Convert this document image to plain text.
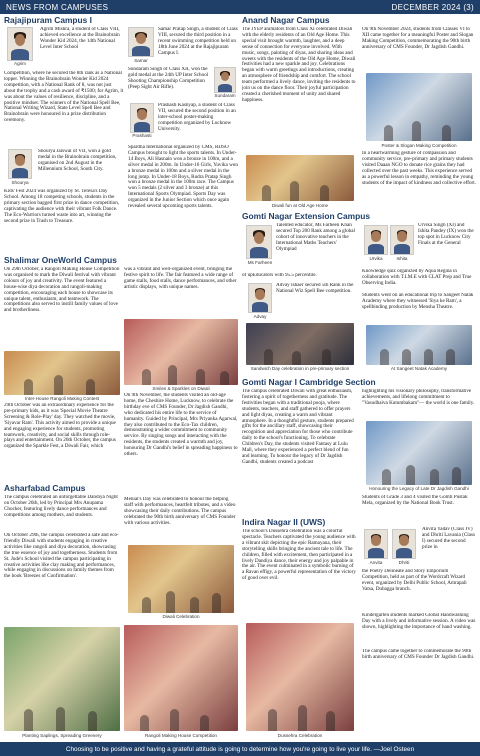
NEWS FROM CAMPUSES	DECEMBER 2024 (3)
Rajajipuram Campus I
Agrim
Agrim Mishra, a student of Class VIII, achieved excellence at the Brainobrain Wonder Kid 2024, the 14th National Level Inter School
Competition, where he secured the 8th rank as a National topper. Winning the Brainobrain Wonder Kid 2024 competition, with a National Rank of 8, was not just about the trophy and a cash award of ₹1500; for Agrim, it was about the values of resilience, discipline, and a positive mindset. The winners of the National Spell Bee, National Writing Wizard, State Level Spell Bee and Brainobrain were honoured in a prize distribution ceremony.
Shourya
Shourya Jaiswal of VII, won a gold medal in the Brainobrain competition, organised on 2nd August in the Millennium School, South City.
Kids' Fest 2024 was organized by St. Teresa's Day School. Among 18 competing schools, students in the primary section bagged first prize in dance competition, captivating the audience with their vibrant Folk Dance. The Eco-Warriors turned waste into art, winning the second prize in Trash to Treasure.
Samar
Samar Pratap Singh, a student of Class VIII, secured the third position in a recent swimming competition held on 18th June 2024 at the Rajajipuram Campus I.
Sundaram Singh of Class XII, won the gold medal at the 24th UP Inter School Shooting Championship Competition (Peep Sight Air Rifle).
Sundaram
Prashasti
Prashasti Kashyap, a student of Class VII, secured the second position in an inter-school poster-making competition organized by Lucknow University.
Spardha International organized by CMS, RDSO Campus brought to light the sports talents. In Under-14 Boys, Ali Hasnain won a bronze in 100m, and a silver medal in 200m. In Under-16 Girls, Yuvika won a bronze medal in 100m and a silver medal in the long jump. In Under-18 Boys, Rudra Pratap Singh won a bronze medal in the 100m race. The Campus won 5 medals (2 silver and 3 bronze) at this International Sports Olympiad. Sports Day was organized in the Junior Section which once again revealed several upcoming sports talents.
Shalimar OneWorld Campus
On 29th October, a Rangoli Making House Competition was organised to mark the Diwali festival with vibrant colours of joy and creativity. The event featured a house-wise diya decoration and rangoli-making competition, encouraging each house to showcase its unique talent, enthusiasm, and teamwork. The competitions also served to instill family values of love and brotherliness.
was a vibrant and well-organized event, bringing the festive spirit to life. The fair featured a wide range of game stalls, food stalls, dance performances, and other artistic displays, with unique names.
Inter-House Rangoli Making Contest
Smiles & Sparkles on Diwali
29th October was an extraordinary experience for the pre-primary kids, as it was 'Special Movie Theatre Screening & Role-Play' day. They watched the movie, 'Siyavar Ram'. This activity aimed to provide a unique and engaging experience for students, promoting teamwork, creativity, and social skills through role-plays and entertainment. On 26th October, the campus organized the Sparkle Fest, a Diwali Fair, which
On 9th November, the students visited an old-age home, the Cheshire Home, Lucknow, to celebrate the birthday eve of CMS Founder, Dr Jagdish Gandhi, who dedicated his entire life to the service of humanity. Guided by Principal, Mrs Priyanka Agarwal, they also contributed to the Eco-Tax children, demonstrating a wider commitment to community service. By singing songs and interacting with the residents, the students created a warmth and joy, honouring Dr Gandhi's belief in spreading happiness to others.
Asharfabad Campus
The campus celebrated an unforgettable Dandiya Night on October 26th, led by Principal Mrs Anupama Chocker, featuring lively dance performances and competitions among mothers, and students.
On October 29th, the campus celebrated a safe and eco-friendly Diwali with students engaging in creative activities like rangoli and diya decoration, showcasing the true essence of joy and togetherness. Students from St. Jude's School visited the campus participating in creative activities like clay making and performances, while engaging in discussions on family themes from the book 'Breezes of Confirmation'.
Menial's Day was celebrated to honour the helping staff with performances, heartfelt tributes, and a video showcasing their daily contributions. The campus celebrated the 90th birth anniversary of CMS Founder with various activities.
Diwali Celebration
Planting Saplings, Spreading Greenery	Rangoli Making House Competition
Anand Nagar Campus
The JYEP animators from Class XI celebrated Diwali with the elderly residents of an Old Age Home. This special visit brought warmth, laughter, and a deep sense of connection for everyone involved. With music, songs, painting of diyas, and sharing ideas and sweets with the residents of the Old Age Home, Diwali festivities had a new sparkle and joy. Celebrations began with warm greetings and introductions, creating an atmosphere of friendship and comfort. The school team performed a lively dance, inviting the residents to join us on the dance floor. Their joyful participation created a cherished moment of unity and shared happiness.
On 9th November 2024, students from Classes VI to XII came together for a meaningful Poster and Slogan Making Competition, commemorating the 90th birth anniversary of CMS Founder, Dr Jagdish Gandhi.
Poster & Slogan Making Competition
Diwali fun at Old Age Home
In a heartwarming gesture of compassion and community service, pre-primary and primary students visited Daaan NGO to donate rice grains they had collected over the past weeks. This experience served as a powerful lesson in empathy, reminding the young students of the impact of kindness and collective effort.
Gomti Nagar Extension Campus
Ms Farheen
Talented educator, Ms Farheen Khan secured Top 200 Rank among a global cohort of innovative teachers in the International Maths Teachers' Olympiad
of upEducators with 95.5 percentile.
Advay
Advay Ishaer secured 5th Rank in the National Wiz Spell Bee competition.
Urvika	Ishita
Urvika Singh (XI) and Ishita Pandey (IX) won the top spot in Lucknow City Finals at the General
Knowledge quiz organized by Aqua Regina in collaboration with T.I.M.E with CLAT Prep and True Observing India.
Students went on an educational trip to Sangeet Natak Academy where they witnessed 'Siya ke Ram', a spellbinding production by Mensha Theatre.
Sandwich Day celebration in pre-primary section	At Sangeet Natak Academy
Gomti Nagar I Cambridge Section
The campus celebrated Diwali with great enthusiasm, fostering a spirit of togetherness and gratitude. The festivities began with a traditional pooja, where students, teachers, and staff gathered to offer prayers and light diyas, creating a warm and vibrant atmosphere. In a thoughtful gesture, students prepared gifts for the ancillary staff, showcasing their recognition and appreciation for those who contribute daily to the school's functioning. To celebrate Children's Day, the students visited Fantasy at Lulu Mall, where they experienced a perfect blend of fun and learning. To honour the legacy of Dr Jagdish Gandhi, students created a podcast
highlighting his visionary philosophy, transformative achievements, and lifelong commitment to "Vasudhaiva Kutumbakam"— the world is one family.
Honouring the Legacy of Late Dr Jagdish Gandhi
Students of Grade 3 and 4 visited the Gomti Pustak Mela, organized by the National Book Trust.
Indira Nagar II (UWS)
The school's Dussehra celebration was a colorful spectacle. Teachers captivated the young audience with a vibrant skit depicting the epic Ramayana, their storytelling skills bringing the ancient tale to life. The children, filled with excitement, then participated in a lively Dandiya dance, their energy and joy palpable in the air. The event culminated in a symbolic burning of a Ravan effigy, a powerful representation of the victory of good over evil.
Dussehra Celebration
Anvita	Dhriti
Anvita Yadav (Class IV) and Dhriti Lavania (Class I) secured the second prize in
the Poetry Delineate and Story Emporium Competition, held as part of the Wordcraft Wizard event, organized by Delhi Public School, Amrapali Vatsa, Dubagga branch.
Kindergarten students marked Global Handwashing Day with a lively and informative session. A video was shown, highlighting the importance of hand washing.
The campus came together to commemorate the 90th birth anniversary of CMS Founder Dr Jagdish Gandhi.
Choosing to be positive and having a grateful attitude is going to determine how you're going to live your life. —Joel Osteen
